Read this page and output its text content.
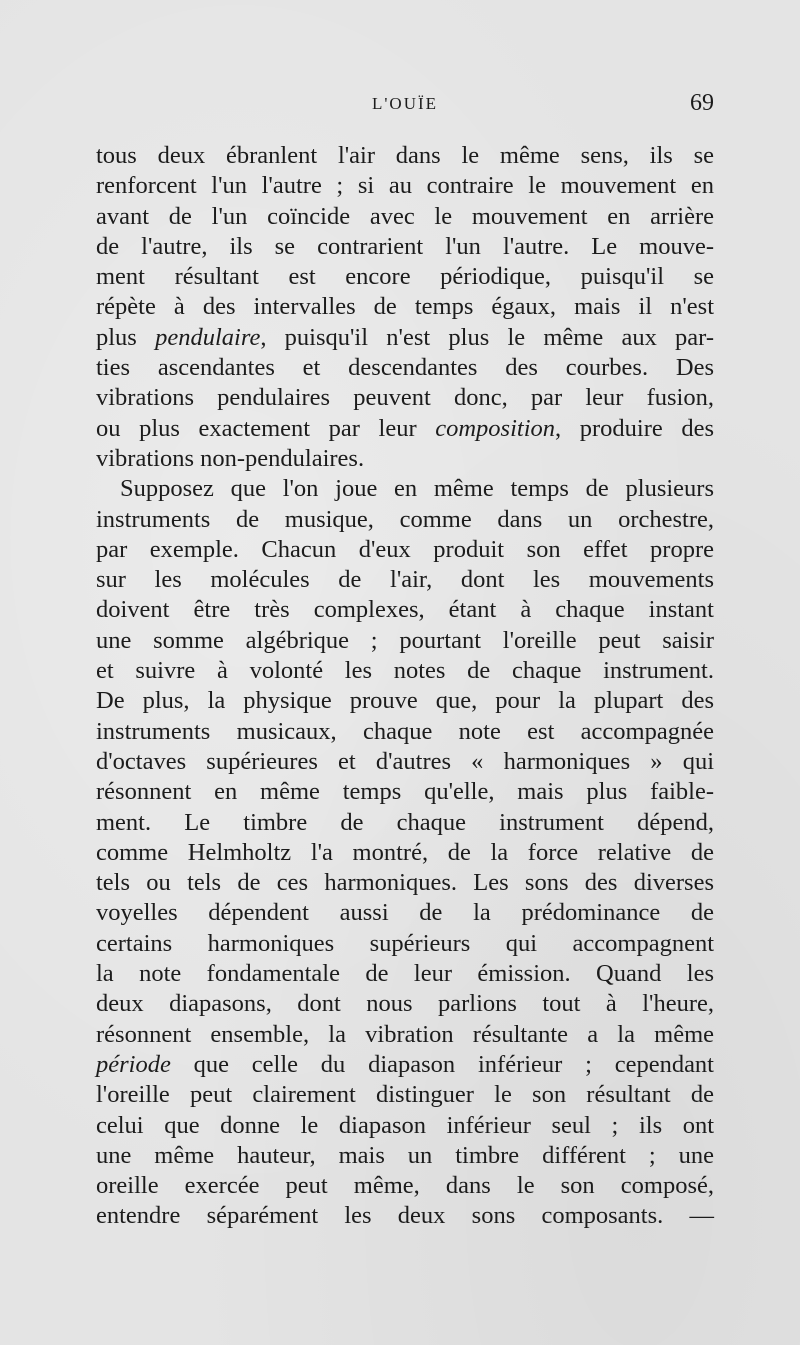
L'OUÏE	69
tous deux ébranlent l'air dans le même sens, ils se
renforcent l'un l'autre ; si au contraire le mouvement en
avant de l'un coïncide avec le mouvement en arrière
de l'autre, ils se contrarient l'un l'autre. Le mouve-
ment résultant est encore périodique, puisqu'il se
répète à des intervalles de temps égaux, mais il n'est
plus pendulaire, puisqu'il n'est plus le même aux par-
ties ascendantes et descendantes des courbes. Des
vibrations pendulaires peuvent donc, par leur fusion,
ou plus exactement par leur composition, produire des
vibrations non-pendulaires.
Supposez que l'on joue en même temps de plusieurs
instruments de musique, comme dans un orchestre,
par exemple. Chacun d'eux produit son effet propre
sur les molécules de l'air, dont les mouvements
doivent être très complexes, étant à chaque instant
une somme algébrique ; pourtant l'oreille peut saisir
et suivre à volonté les notes de chaque instrument.
De plus, la physique prouve que, pour la plupart des
instruments musicaux, chaque note est accompagnée
d'octaves supérieures et d'autres « harmoniques » qui
résonnent en même temps qu'elle, mais plus faible-
ment. Le timbre de chaque instrument dépend,
comme Helmholtz l'a montré, de la force relative de
tels ou tels de ces harmoniques. Les sons des diverses
voyelles dépendent aussi de la prédominance de
certains harmoniques supérieurs qui accompagnent
la note fondamentale de leur émission. Quand les
deux diapasons, dont nous parlions tout à l'heure,
résonnent ensemble, la vibration résultante a la même
période que celle du diapason inférieur ; cependant
l'oreille peut clairement distinguer le son résultant de
celui que donne le diapason inférieur seul ; ils ont
une même hauteur, mais un timbre différent ; une
oreille exercée peut même, dans le son composé,
entendre séparément les deux sons composants. —
